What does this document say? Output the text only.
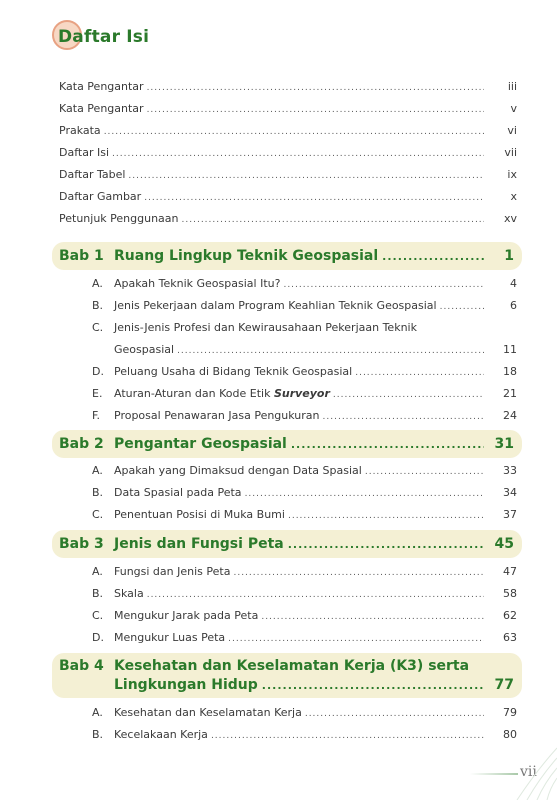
Daftar Isi
Kata Pengantar .....	iii
Kata Pengantar .....	v
Prakata .....	vi
Daftar Isi .....	vii
Daftar Tabel .....	ix
Daftar Gambar .....	x
Petunjuk Penggunaan .....	xv
Bab 1 Ruang Lingkup Teknik Geospasial .....	1
A.	Apakah Teknik Geospasial Itu? .....	4
B. Jenis Pekerjaan dalam Program Keahlian Teknik Geospasial .....	6
C. Jenis-Jenis Profesi dan Kewirausahaan Pekerjaan Teknik
Geospasial .....	11
D. Peluang Usaha di Bidang Teknik Geospasial .....	18
E.	Aturan-Aturan dan Kode Etik Surveyor .....	21
F.	Proposal Penawaran Jasa Pengukuran .....	24
Bab 2 Pengantar Geospasial .....	31
A.	Apakah yang Dimaksud dengan Data Spasial .....	33
B. Data Spasial pada Peta .....	34
C. Penentuan Posisi di Muka Bumi .....	37
Bab 3 Jenis dan Fungsi Peta .....	45
A.	Fungsi dan Jenis Peta .....	47
B. Skala .....	58
C. Mengukur Jarak pada Peta .....	62
D. Mengukur Luas Peta .....	63
Bab 4 Kesehatan dan Keselamatan Kerja (K3) serta
Lingkungan Hidup .....	77
A.	Kesehatan dan Keselamatan Kerja .....	79
B. Kecelakaan Kerja .....	80
vii
